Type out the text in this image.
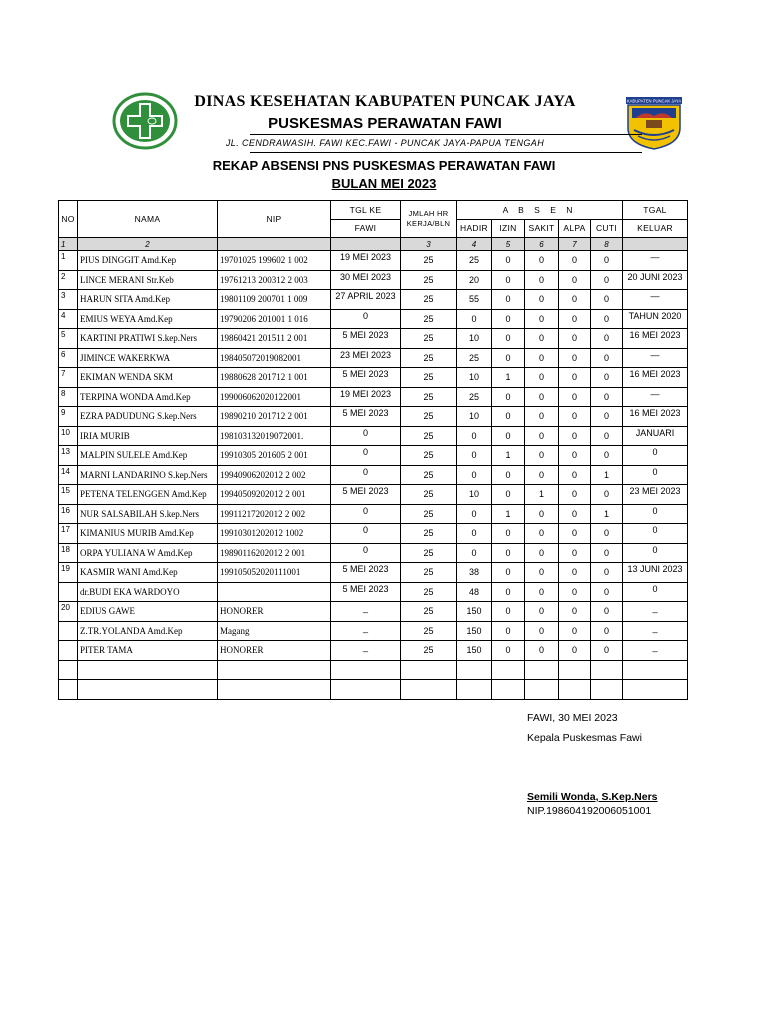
KABUPATEN PUNCAK JAYA
DINAS KESEHATAN KABUPATEN PUNCAK JAYA
PUSKESMAS PERAWATAN FAWI
JL. CENDRAWASIH. FAWI KEC.FAWI - PUNCAK JAYA-PAPUA TENGAH
REKAP ABSENSI PNS PUSKESMAS PERAWATAN FAWI
BULAN MEI 2023
NO	NAMA	NIP	TGL KE	JMLAH HR KERJA/BLN	A B S E N					TGAL
			FAWI		HADIR	IZIN	SAKIT	ALPA	CUTI	KELUAR
1	2			3	4	5	6	7	8	
1	PIUS DINGGIT Amd.Kep	19701025 199602 1 002	19 MEI 2023	25	25	0	0	0	0	—
2	LINCE MERANI Str.Keb	19761213 200312 2 003	30 MEI 2023	25	20	0	0	0	0	20 JUNI 2023
3	HARUN SITA Amd.Kep	19801109 200701 1 009	27 APRIL 2023	25	55	0	0	0	0	—
4	EMIUS WEYA Amd.Kep	19790206 201001 1 016	0	25	0	0	0	0	0	TAHUN 2020
5	KARTINI PRATIWI S.kep.Ners	19860421 201511 2 001	5 MEI 2023	25	10	0	0	0	0	16 MEI 2023
6	JIMINCE WAKERKWA	198405072019082001	23 MEI 2023	25	25	0	0	0	0	—
7	EKIMAN WENDA SKM	19880628 201712 1 001	5 MEI 2023	25	10	1	0	0	0	16 MEI 2023
8	TERPINA WONDA Amd.Kep	199006062020122001	19 MEI 2023	25	25	0	0	0	0	—
9	EZRA PADUDUNG S.kep.Ners	19890210 201712 2 001	5 MEI 2023	25	10	0	0	0	0	16 MEI 2023
10	IRIA MURIB	198103132019072001.	0	25	0	0	0	0	0	JANUARI
13	MALPIN SULELE Amd.Kep	19910305 201605 2 001	0	25	0	1	0	0	0	0
14	MARNI LANDARINO S.kep.Ners	19940906202012 2 002	0	25	0	0	0	0	1	0
15	PETENA TELENGGEN Amd.Kep	19940509202012 2 001	5 MEI 2023	25	10	0	1	0	0	23 MEI 2023
16	NUR SALSABILAH S.kep.Ners	19911217202012 2 002	0	25	0	1	0	0	1	0
17	KIMANIUS MURIB Amd.Kep	19910301202012 1002	0	25	0	0	0	0	0	0
18	ORPA YULIANA W Amd.Kep	19890116202012 2 001	0	25	0	0	0	0	0	0
19	KASMIR WANI Amd.Kep	199105052020111001	5 MEI 2023	25	38	0	0	0	0	13 JUNI 2023
	dr.BUDI EKA WARDOYO		5 MEI 2023	25	48	0	0	0	0	0
20	EDIUS GAWE	HONORER	_	25	150	0	0	0	0	_
	Z.TR.YOLANDA Amd.Kep	Magang	_	25	150	0	0	0	0	_
	PITER TAMA	HONORER	_	25	150	0	0	0	0	_

FAWI, 30 MEI 2023
Kepala Puskesmas Fawi
Semili Wonda, S.Kep.Ners
NIP.198604192006051001
